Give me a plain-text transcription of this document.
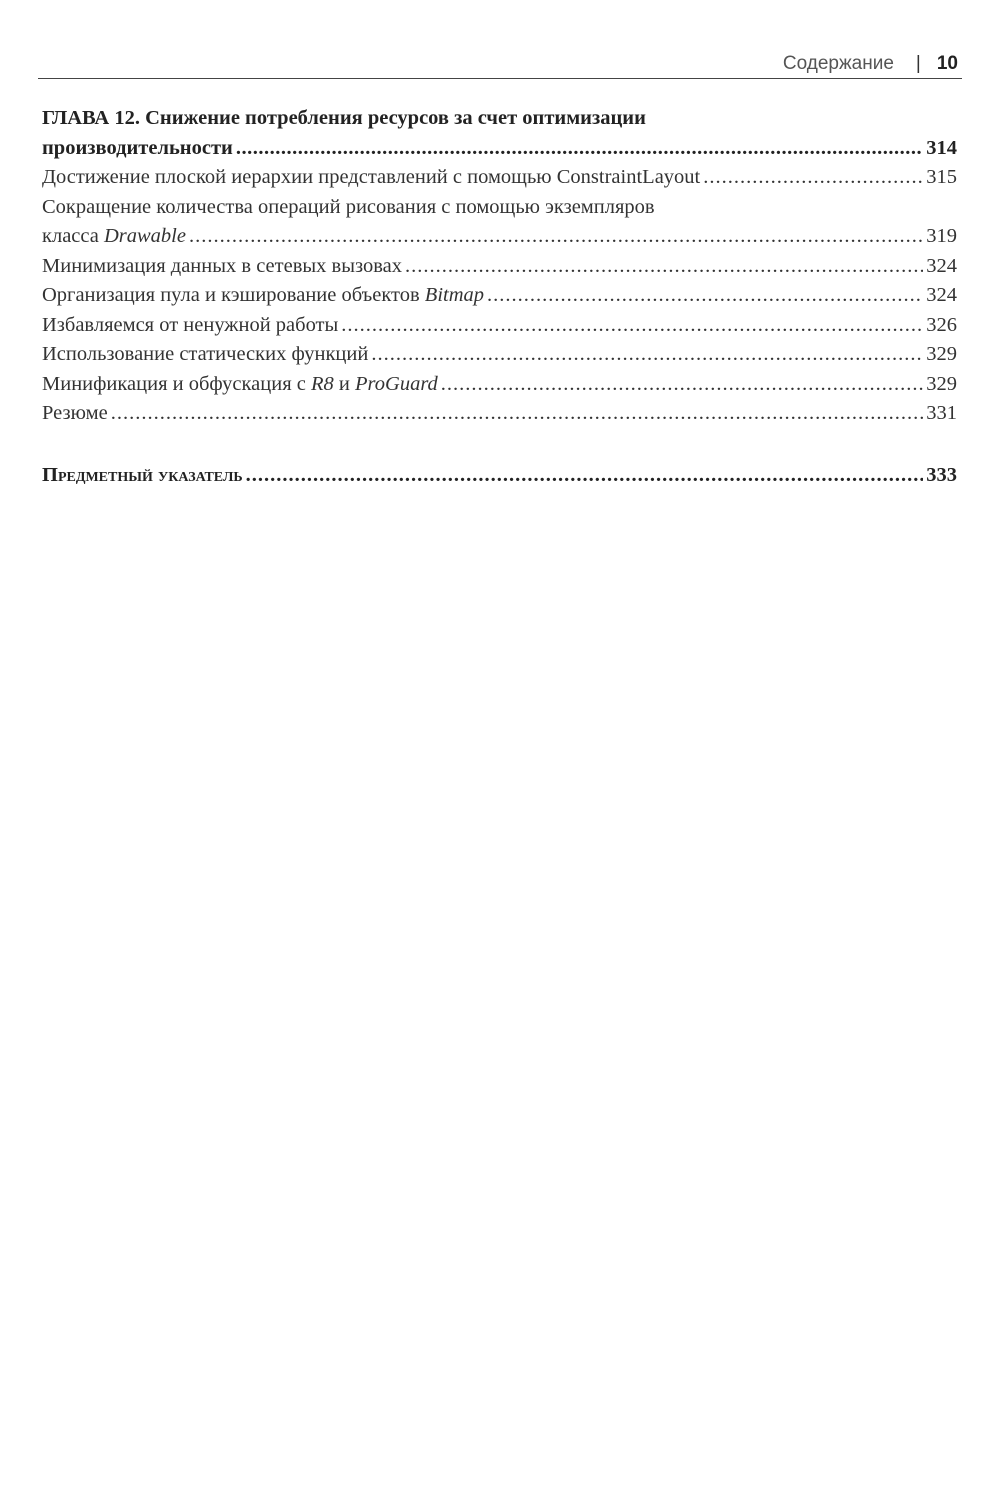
Содержание | 10
ГЛАВА 12. Снижение потребления ресурсов за счет оптимизации
производительности .....	314
Достижение плоской иерархии представлений с помощью ConstraintLayout .....	315
Сокращение количества операций рисования с помощью экземпляров
класса Drawable .....	319
Минимизация данных в сетевых вызовах .....	324
Организация пула и кэширование объектов Bitmap .....	324
Избавляемся от ненужной работы .....	326
Использование статических функций .....	329
Минификация и обфускация с R8 и ProGuard .....	329
Резюме .....	331
Предметный указатель .....	333
